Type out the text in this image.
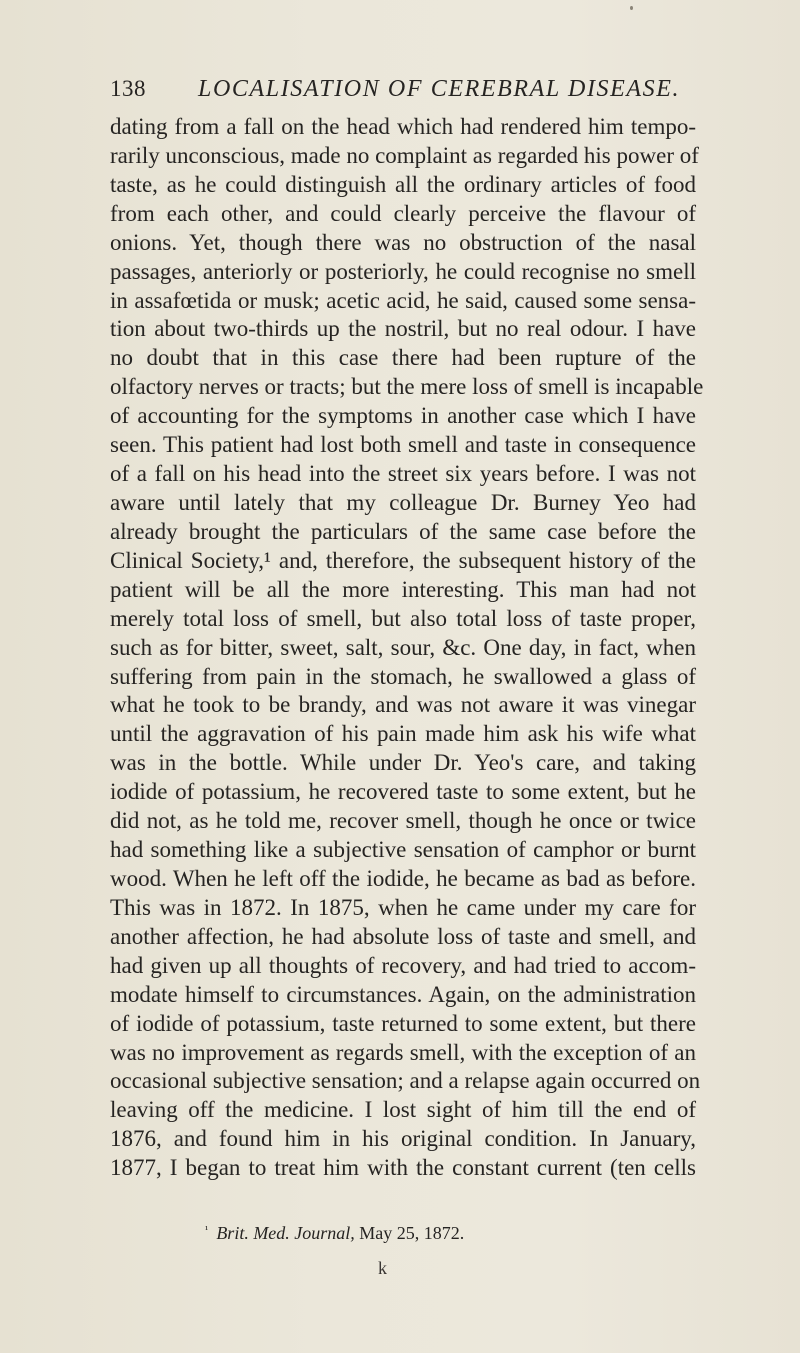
138 LOCALISATION OF CEREBRAL DISEASE.
dating from a fall on the head which had rendered him tempo-
rarily unconscious, made no complaint as regarded his power of
taste, as he could distinguish all the ordinary articles of food
from each other, and could clearly perceive the flavour of
onions. Yet, though there was no obstruction of the nasal
passages, anteriorly or posteriorly, he could recognise no smell
in assafœtida or musk; acetic acid, he said, caused some sensa-
tion about two-thirds up the nostril, but no real odour. I have
no doubt that in this case there had been rupture of the
olfactory nerves or tracts; but the mere loss of smell is incapable
of accounting for the symptoms in another case which I have
seen. This patient had lost both smell and taste in consequence
of a fall on his head into the street six years before. I was not
aware until lately that my colleague Dr. Burney Yeo had
already brought the particulars of the same case before the
Clinical Society,¹ and, therefore, the subsequent history of the
patient will be all the more interesting. This man had not
merely total loss of smell, but also total loss of taste proper,
such as for bitter, sweet, salt, sour, &c. One day, in fact, when
suffering from pain in the stomach, he swallowed a glass of
what he took to be brandy, and was not aware it was vinegar
until the aggravation of his pain made him ask his wife what
was in the bottle. While under Dr. Yeo's care, and taking
iodide of potassium, he recovered taste to some extent, but he
did not, as he told me, recover smell, though he once or twice
had something like a subjective sensation of camphor or burnt
wood. When he left off the iodide, he became as bad as before.
This was in 1872. In 1875, when he came under my care for
another affection, he had absolute loss of taste and smell, and
had given up all thoughts of recovery, and had tried to accom-
modate himself to circumstances. Again, on the administration
of iodide of potassium, taste returned to some extent, but there
was no improvement as regards smell, with the exception of an
occasional subjective sensation; and a relapse again occurred on
leaving off the medicine. I lost sight of him till the end of
1876, and found him in his original condition. In January,
1877, I began to treat him with the constant current (ten cells
$^{^1}$ Brit. Med. Journal, May 25, 1872.
k
